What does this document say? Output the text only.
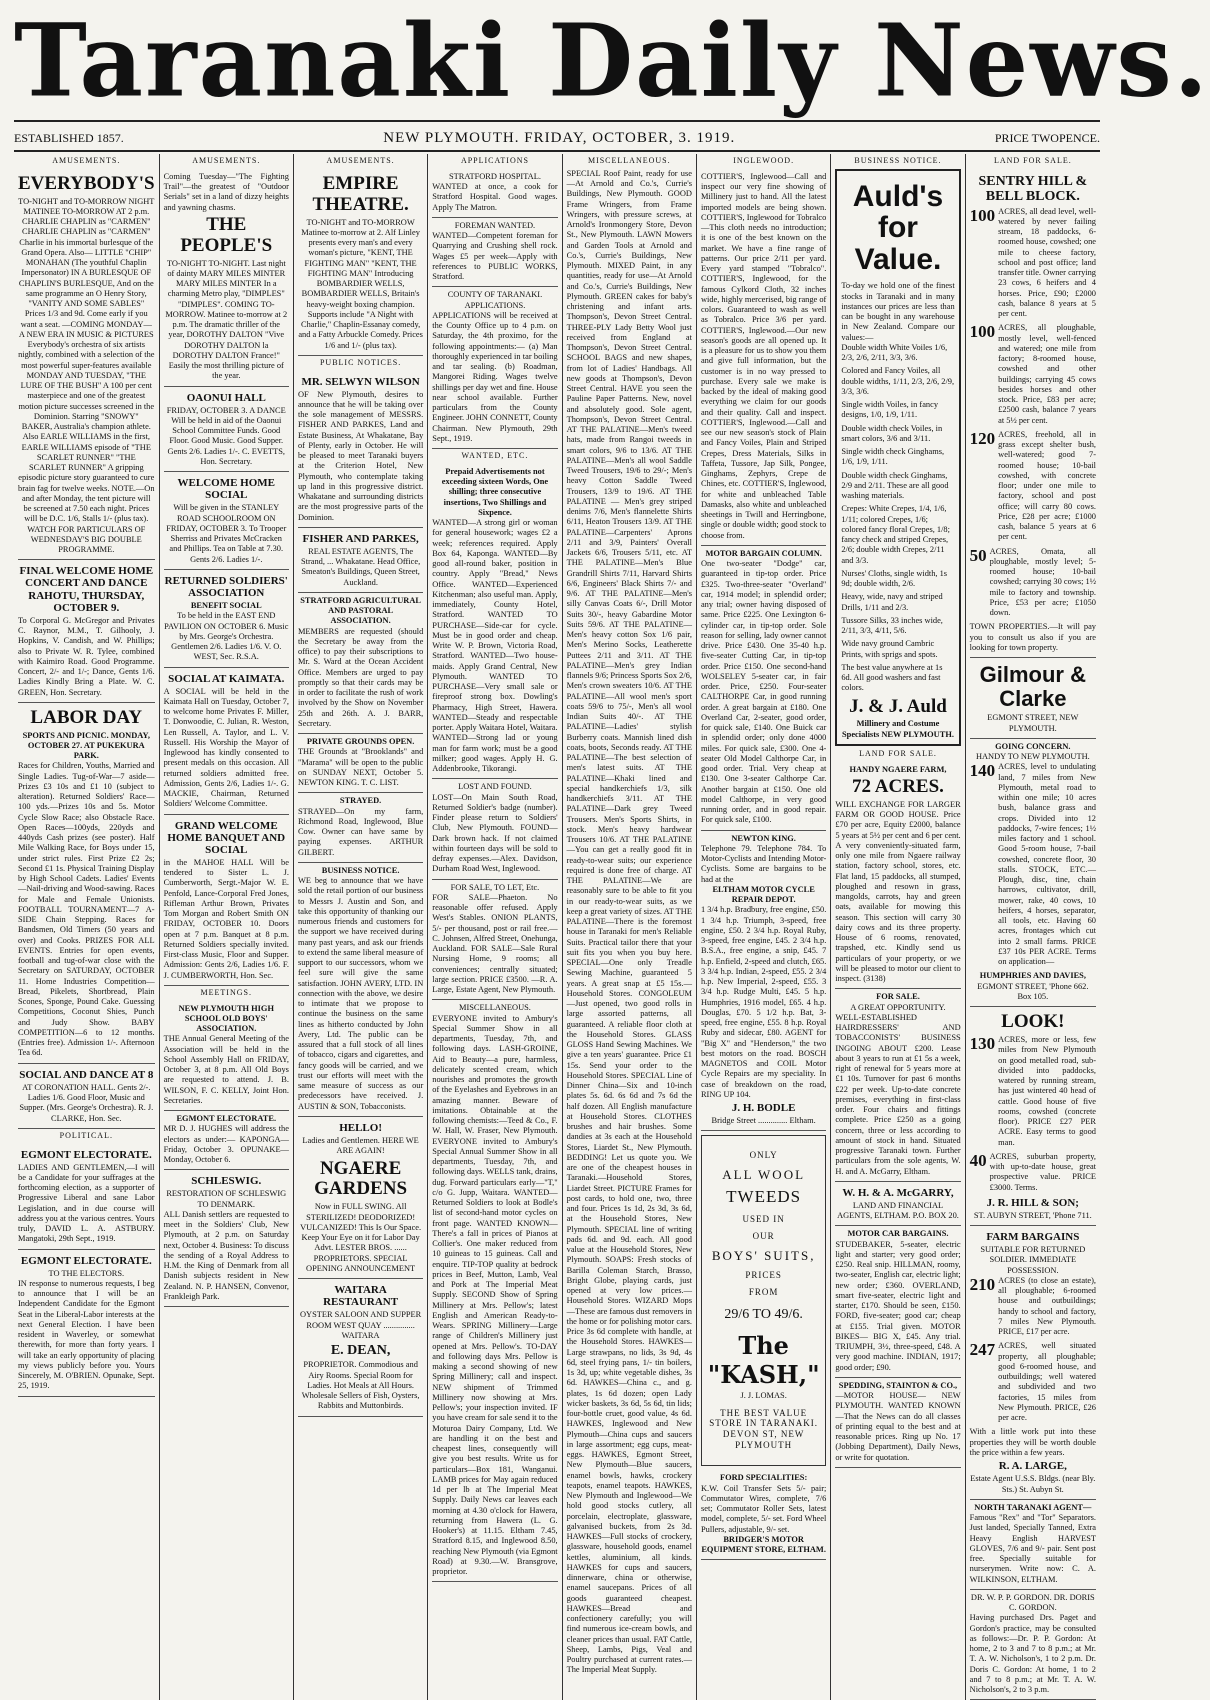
Taranaki Daily News.
ESTABLISHED 1857.	NEW PLYMOUTH. FRIDAY, OCTOBER, 3. 1919.	PRICE TWOPENCE.
AMUSEMENTS.
EVERYBODY'S
TO-NIGHT and TO-MORROW NIGHT MATINEE TO-MORROW AT 2 p.m. CHARLIE CHAPLIN as "CARMEN" CHARLIE CHAPLIN as "CARMEN" Charlie in his immortal burlesque of the Grand Opera. Also— LITTLE "CHIP" MONAHAN (The youthful Chaplin Impersonator) IN A BURLESQUE OF CHAPLIN'S BURLESQUE, And on the same programme an O Henry Story, "VANITY AND SOME SABLES" Prices 1/3 and 9d. Come early if you want a seat. —COMING MONDAY— A NEW ERA IN MUSIC & PICTURES Everybody's orchestra of six artists nightly, combined with a selection of the most powerful super-features available MONDAY AND TUESDAY, "THE LURE OF THE BUSH" A 100 per cent masterpiece and one of the greatest motion picture successes screened in the Dominion. Starring "SNOWY" BAKER, Australia's champion athlete. Also EARLE WILLIAMS in the first, EARLE WILLIAMS episode of "THE SCARLET RUNNER" "THE SCARLET RUNNER" A gripping episodic picture story guaranteed to cure brain fag for twelve weeks. NOTE.—On and after Monday, the tent picture will be screened at 7.50 each night. Prices will be D.C. 1/6, Stalls 1/- (plus tax). WATCH FOR PARTICULARS OF WEDNESDAY'S BIG DOUBLE PROGRAMME.
FINAL WELCOME HOME CONCERT AND DANCE RAHOTU, THURSDAY, OCTOBER 9.
To Corporal G. McGregor and Privates C. Raynor, M.M., T. Gilhooly, J. Hopkins, V. Candish, and W. Phillips; also to Private W. R. Tylee, combined with Kaimiro Road. Good Programme. Concert, 2/- and 1/-; Dance, Gents 1/6. Ladies Kindly Bring a Plate. W. C. GREEN, Hon. Secretary.
LABOR DAY
SPORTS AND PICNIC. MONDAY, OCTOBER 27. AT PUKEKURA PARK.
Races for Children, Youths, Married and Single Ladies. Tug-of-War—7 aside—Prizes £3 10s and £1 10 (subject to alteration). Returned Soldiers' Race—100 yds.—Prizes 10s and 5s. Motor Cycle Slow Race; also Obstacle Race. Open Races—100yds, 220yds and 440yds Cash prizes (see poster). Half Mile Walking Race, for Boys under 15, under strict rules. First Prize £2 2s; Second £1 1s. Physical Training Display by High School Cadets. Ladies' Events—Nail-driving and Wood-sawing. Races for Male and Female Unionists. FOOTBALL TOURNAMENT—7 A-SIDE Chain Stepping. Races for Bandsmen, Old Timers (50 years and over) and Cooks. PRIZES FOR ALL EVENTS. Entries for open events, football and tug-of-war close with the Secretary on SATURDAY, OCTOBER 11. Home Industries Competition—Bread, Pikelets, Shortbread, Plain Scones, Sponge, Pound Cake. Guessing Competitions, Coconut Shies, Punch and Judy Show. BABY COMPETITION—6 to 12 months. (Entries free). Admission 1/-. Afternoon Tea 6d.
SOCIAL AND DANCE AT 8
AT CORONATION HALL. Gents 2/-. Ladies 1/6. Good Floor, Music and Supper. (Mrs. George's Orchestra). R. J. CLARKE, Hon. Sec.
POLITICAL.
EGMONT ELECTORATE.
LADIES AND GENTLEMEN,—I will be a Candidate for your suffrages at the forthcoming election, as a supporter of Progressive Liberal and sane Labor Legislation, and in due course will address you at the various centres. Yours truly, DAVID L. A. ASTBURY. Mangatoki, 29th Sept., 1919.
EGMONT ELECTORATE.
TO THE ELECTORS.
IN response to numerous requests, I beg to announce that I will be an Independent Candidate for the Egmont Seat in the Liberal-Labor interests at the next General Election. I have been resident in Waverley, or somewhat therewith, for more than forty years. I will take an early opportunity of placing my views publicly before you. Yours Sincerely, M. O'BRIEN. Opunake, Sept. 25, 1919.
AMUSEMENTS.
Coming Tuesday—"The Fighting Trail"—the greatest of "Outdoor Serials" set in a land of dizzy heights and yawning chasms.
THE PEOPLE'S
TO-NIGHT TO-NIGHT. Last night of dainty MARY MILES MINTER MARY MILES MINTER In a charming Metro play, "DIMPLES" "DIMPLES". COMING TO-MORROW. Matinee to-morrow at 2 p.m. The dramatic thriller of the year, DOROTHY DALTON "Vive DOROTHY DALTON la DOROTHY DALTON France!" Easily the most thrilling picture of the year.
OAONUI HALL
FRIDAY, OCTOBER 3. A DANCE Will be held in aid of the Oaonui School Committee Funds. Good Floor. Good Music. Good Supper. Gents 2/6. Ladies 1/-. C. EVETTS, Hon. Secretary.
WELCOME HOME SOCIAL
Will be given in the STANLEY ROAD SCHOOLROOM ON FRIDAY, OCTOBER 3. To Trooper Sherriss and Privates McCracken and Phillips. Tea on Table at 7.30. Gents 2/6. Ladies 1/-.
RETURNED SOLDIERS' ASSOCIATION
BENEFIT SOCIAL
To be held in the EAST END PAVILION ON OCTOBER 6. Music by Mrs. George's Orchestra. Gentlemen 2/6. Ladies 1/6. V. O. WEST, Sec. R.S.A.
SOCIAL AT KAIMATA.
A SOCIAL will be held in the Kaimata Hall on Tuesday, October 7, to welcome home Privates F. Miller, T. Donwoodie, C. Julian, R. Weston, Len Russell, A. Taylor, and L. V. Russell. His Worship the Mayor of Inglewood has kindly consented to present medals on this occasion. All returned soldiers admitted free. Admission, Gents 2/6, Ladies 1/-. G. MACKIE, Chairman, Returned Soldiers' Welcome Committee.
GRAND WELCOME HOME BANQUET AND SOCIAL
in the MAHOE HALL Will be tendered to Sister L. J. Cumberworth, Sergt.-Major W. E. Penfold, Lance-Corporal Fred Jones, Rifleman Arthur Brown, Privates Tom Morgan and Robert Smith ON FRIDAY, OCTOBER 10. Doors open at 7 p.m. Banquet at 8 p.m. Returned Soldiers specially invited. First-class Music, Floor and Supper. Admission: Gents 2/6, Ladies 1/6. F. J. CUMBERWORTH, Hon. Sec.
MEETINGS.
NEW PLYMOUTH HIGH SCHOOL OLD BOYS' ASSOCIATION.
THE Annual General Meeting of the Association will be held in the School Assembly Hall on FRIDAY, October 3, at 8 p.m. All Old Boys are requested to attend. J. B. WILSON, F. C. KELLY, Joint Hon. Secretaries.
EGMONT ELECTORATE.
MR D. J. HUGHES will address the electors as under:— KAPONGA—Friday, October 3. OPUNAKE—Monday, October 6.
SCHLESWIG.
RESTORATION OF SCHLESWIG TO DENMARK.
ALL Danish settlers are requested to meet in the Soldiers' Club, New Plymouth, at 2 p.m. on Saturday next, October 4. Business: To discuss the sending of a Royal Address to H.M. the King of Denmark from all Danish subjects resident in New Zealand. N. P. HANSEN, Convenor, Frankleigh Park.
AMUSEMENTS.
EMPIRE THEATRE.
TO-NIGHT and TO-MORROW Matinee to-morrow at 2. Alf Linley presents every man's and every woman's picture, "KENT, THE FIGHTING MAN" "KENT, THE FIGHTING MAN" Introducing BOMBARDIER WELLS, BOMBARDIER WELLS, Britain's heavy-weight boxing champion. Supports include "A Night with Charlie," Chaplin-Essanay comedy, and a Fatty Arbuckle Comedy. Prices 1/6 and 1/- (plus tax).
PUBLIC NOTICES.
MR. SELWYN WILSON
OF New Plymouth, desires to announce that he will be taking over the sole management of MESSRS. FISHER AND PARKES, Land and Estate Business, At Whakatane, Bay of Plenty, early in October. He will be pleased to meet Taranaki buyers at the Criterion Hotel, New Plymouth, who contemplate taking up land in this progressive district. Whakatane and surrounding districts are the most progressive parts of the Dominion.
FISHER AND PARKES,
REAL ESTATE AGENTS, The Strand, ... Whakatane. Head Office, Smeaton's Buildings, Queen Street, Auckland.
STRATFORD AGRICULTURAL AND PASTORAL ASSOCIATION.
MEMBERS are requested (should the Secretary be away from the office) to pay their subscriptions to Mr. S. Ward at the Ocean Accident Office. Members are urged to pay promptly so that their cards may be in order to facilitate the rush of work involved by the Show on November 25th and 26th. A. J. BARR, Secretary.
PRIVATE GROUNDS OPEN.
THE Grounds at "Brooklands" and "Marama" will be open to the public on SUNDAY NEXT, October 5. NEWTON KING. T. C. LIST.
STRAYED.
STRAYED—On my farm, Richmond Road, Inglewood, Blue Cow. Owner can have same by paying expenses. ARTHUR GILBERT.
BUSINESS NOTICE.
WE beg to announce that we have sold the retail portion of our business to Messrs J. Austin and Son, and take this opportunity of thanking our numerous friends and customers for the support we have received during many past years, and ask our friends to extend the same liberal measure of support to our successors, whom we feel sure will give the same satisfaction. JOHN AVERY, LTD. IN connection with the above, we desire to intimate that we propose to continue the business on the same lines as hitherto conducted by John Avery, Ltd. The public can be assured that a full stock of all lines of tobacco, cigars and cigarettes, and fancy goods will be carried, and we trust our efforts will meet with the same measure of success as our predecessors have received. J. AUSTIN & SON, Tobacconists.
HELLO!
Ladies and Gentlemen. HERE WE ARE AGAIN!
NGAERE GARDENS
Now in FULL SWING. All STERILIZED! DEODORIZED! VULCANIZED! This Is Our Space. Keep Your Eye on it for Labor Day Advt. LESTER BROS. ...... PROPRIETORS. SPECIAL OPENING ANNOUNCEMENT
WAITARA RESTAURANT
OYSTER SALOON AND SUPPER ROOM WEST QUAY ............... WAITARA
E. DEAN,
PROPRIETOR. Commodious and Airy Rooms. Special Room for Ladies. Hot Meals at All Hours. Wholesale Sellers of Fish, Oysters, Rabbits and Muttonbirds.
APPLICATIONS
STRATFORD HOSPITAL.
WANTED at once, a cook for Stratford Hospital. Good wages. Apply The Matron.
FOREMAN WANTED.
WANTED—Competent foreman for Quarrying and Crushing shell rock. Wages £5 per week—Apply with references to PUBLIC WORKS, Stratford.
COUNTY OF TARANAKI.
APPLICATIONS.
APPLICATIONS will be received at the County Office up to 4 p.m. on Saturday, the 4th proximo, for the following appointments:— (a) Man thoroughly experienced in tar boiling and tar sealing. (b) Roadman, Mangorei Riding. Wages twelve shillings per day wet and fine. House near school available. Further particulars from the County Engineer. JOHN CONNETT, County Chairman. New Plymouth, 29th Sept., 1919.
WANTED, ETC.
Prepaid Advertisements not exceeding sixteen Words, One shilling; three consecutive insertions, Two Shillings and Sixpence.
WANTED—A strong girl or woman for general housework; wages £2 a week; references required. Apply Box 64, Kaponga. WANTED—By good all-round baker, position in country. Apply "Bread," News Office. WANTED—Experienced Kitchenman; also useful man. Apply, immediately, County Hotel, Stratford. WANTED TO PURCHASE—Side-car for cycle. Must be in good order and cheap. Write W. P. Brown, Victoria Road, Stratford. WANTED—Two house-maids. Apply Grand Central, New Plymouth. WANTED TO PURCHASE—Very small sale or fireproof strong box. Dowling's Pharmacy, High Street, Hawera. WANTED—Steady and respectable porter. Apply Waitara Hotel, Waitara. WANTED—Strong lad or young man for farm work; must be a good milker; good wages. Apply H. G. Addenbrooke, Tikorangi.
LOST AND FOUND.
LOST—On Main South Road, Returned Soldier's badge (number). Finder please return to Soldiers' Club, New Plymouth. FOUND—Dark brown hack. If not claimed within fourteen days will be sold to defray expenses.—Alex. Davidson, Durham Road West, Inglewood.
FOR SALE, TO LET, Etc.
FOR SALE—Phaeton. No reasonable offer refused. Apply West's Stables. ONION PLANTS, 5/- per thousand, post or rail free.—C. Johnsen, Alfred Street, Onehunga, Auckland. FOR SALE—Sale Rural Nursing Home, 9 rooms; all conveniences; centrally situated; large section. PRICE £3500. —R. A. Large, Estate Agent, New Plymouth.
MISCELLANEOUS.
EVERYONE invited to Ambury's Special Summer Show in all departments, Tuesday, 7th, and following days. LASH-GROINE, Aid to Beauty—a pure, harmless, delicately scented cream, which nourishes and promotes the growth of the Eyelashes and Eyebrows in an amazing manner. Beware of imitations. Obtainable at the following chemists:—Teed & Co., F. W. Hall, W. Fraser, New Plymouth. EVERYONE invited to Ambury's Special Annual Summer Show in all departments, Tuesday, 7th, and following days. WELLS tank, drains, dug. Forward particulars early—"T," c/o G. Jupp, Waitara. WANTED—Returned Soldiers to look at Bodle's list of second-hand motor cycles on front page. WANTED KNOWN—There's a fall in prices of Pianos at Collier's. One maker reduced from 10 guineas to 15 guineas. Call and enquire. TIP-TOP quality at bedrock prices in Beef, Mutton, Lamb, Veal and Pork at The Imperial Meat Supply. SECOND Show of Spring Millinery at Mrs. Pellow's; latest English and American Ready-to-Wears. SPRING Millinery—Large range of Children's Millinery just opened at Mrs. Pellow's. TO-DAY and following days Mrs. Pellow is making a second showing of new Spring Millinery; call and inspect. NEW shipment of Trimmed Millinery now showing at Mrs. Pellow's; your inspection invited. IF you have cream for sale send it to the Moturoa Dairy Company, Ltd. We are handling it on the best and cheapest lines, consequently will give you best results. Write us for particulars—Box 181, Wanganui. LAMB prices for May again reduced 1d per lb at The Imperial Meat Supply. Daily News car leaves each morning at 4.30 o'clock for Hawera, returning from Hawera (L. G. Hooker's) at 11.15. Eltham 7.45, Stratford 8.15, and Inglewood 8.50, reaching New Plymouth (via Egmont Road) at 9.30.—W. Bransgrove, proprietor.
MISCELLANEOUS.
SPECIAL Roof Paint, ready for use—At Arnold and Co.'s, Currie's Buildings, New Plymouth. GOOD Frame Wringers, from Frame Wringers, with pressure screws, at Arnold's Ironmongery Store, Devon St., New Plymouth. LAWN Mowers and Garden Tools at Arnold and Co.'s, Currie's Buildings, New Plymouth. MIXED Paint, in any quantities, ready for use—At Arnold and Co.'s, Currie's Buildings, New Plymouth. GREEN cakes for baby's christening and infant arts. Thompson's, Devon Street Central. THREE-PLY Lady Betty Wool just received from England at Thompson's, Devon Street Central. SCHOOL BAGS and new shapes, from lot of Ladies' Handbags. All new goods at Thompson's, Devon Street Central. HAVE you seen the Pauline Paper Patterns. New, novel and absolutely good. Sole agent, Thompson's, Devon Street Central. AT THE PALATINE—Men's tweed hats, made from Rangoi tweeds in smart colors, 9/6 to 13/6. AT THE PALATINE—Men's all wool Saddle Tweed Trousers, 19/6 to 29/-; Men's heavy Cotton Saddle Tweed Trousers, 13/9 to 19/6. AT THE PALATINE — Men's grey striped denims 7/6, Men's flannelette Shirts 6/11, Heaton Trousers 13/9. AT THE PALATINE—Carpenters' Aprons 2/11 and 3/9, Painters' Overall Jackets 6/6, Trousers 5/11, etc. AT THE PALATINE—Men's Blue Grandrill Shirts 7/11, Harvard Shirts 6/6, Engineers' Black Shirts 7/- and 9/6. AT THE PALATINE—Men's silly Canvas Coats 6/-, Drill Motor Suits 30/-, heavy Gabardine Motor Suits 59/6. AT THE PALATINE—Men's heavy cotton Sox 1/6 pair, Men's Merino Socks, Leatherette Puttees 2/11 and 3/11. AT THE PALATINE—Men's grey Indian flannels 9/6; Princess Sports Sox 2/6, Men's crown sweaters 10/6. AT THE PALATINE—All wool men's sport coats 59/6 to 75/-, Men's all wool Indian Suits 40/-. AT THE PALATINE—Ladies' stylish Burberry coats. Mannish lined dish coats, boots, Seconds ready. AT THE PALATINE—The best selection of men's latest suits. AT THE PALATINE—Khaki lined and special handkerchiefs 1/3, silk handkerchiefs 3/11. AT THE PALATINE—Dark grey Tweed Trousers. Men's Sports Shirts, in stock. Men's heavy hardwear Trousers 10/6. AT THE PALATINE—You can get a really good fit in ready-to-wear suits; our experience required is done free of charge. AT THE PALATINE—We are reasonably sure to be able to fit you in our ready-to-wear suits, as we keep a great variety of sizes. AT THE PALATINE—There is the foremost house in Taranaki for men's Reliable Suits. Practical tailor there that your suit fits you when you buy here. SPECIAL—One only Treadle Sewing Machine, guaranteed 5 years. A great snap at £5 15s.—Household Stores. CONGOLEUM—Just opened, two good rolls in large assorted patterns, all guaranteed. A reliable floor cloth at the Household Stores. GLASS GLOSS Hand Sewing Machines. We give a ten years' guarantee. Price £1 15s. Send your order to the Household Stores. SPECIAL Line of Dinner China—Six and 10-inch plates 5s. 6d. 6s 6d and 7s 6d the half dozen. All English manufacture at Household Stores. CLOTHES brushes and hair brushes. Some dandies at 3s each at the Household Stores, Liardet St., New Plymouth. BEDDING! Let us quote you. We are one of the cheapest houses in Taranaki.—Household Stores, Liardet Street. PICTURE Frames for post cards, to hold one, two, three and four. Prices 1s 1d, 2s 3d, 3s 6d, at the Household Stores, New Plymouth. SPECIAL line of writing pads 6d. and 9d. each. All good value at the Household Stores, New Plymouth. SOAPS: Fresh stocks of Barilla Coleman Starch, Brasso, Bright Globe, playing cards, just opened at very low prices.—Household Stores. WIZARD Mops—These are famous dust removers in the home or for polishing motor cars. Price 3s 6d complete with handle, at the Household Stores. HAWKES—Large strawpans, no lids, 3s 9d, 4s 6d, steel frying pans, 1/- tin boilers, 1s 3d, up; white vegetable dishes, 3s 6d. HAWKES—China c., and g. plates, 1s 6d dozen; open Lady wicker baskets, 3s 6d, 5s 6d, tin lids; four-bottle cruet, good value, 4s 6d. HAWKES, Inglewood and New Plymouth—China cups and saucers in large assortment; egg cups, meat-eggs. HAWKES, Egmont Street, New Plymouth—Blue saucers, enamel bowls, hawks, crockery teapots, enamel teapots. HAWKES, New Plymouth and Inglewood—We hold good stocks cutlery, all porcelain, electroplate, glassware, galvanised buckets, from 2s 3d. HAWKES—Full stocks of crockery, glassware, household goods, enamel kettles, aluminium, all kinds. HAWKES for cups and saucers, dinnerware, china or otherwise, enamel saucepans. Prices of all goods guaranteed cheapest. HAWKES—Bread and confectionery carefully; you will find numerous ice-cream bowls, and cleaner prices than usual. FAT Cattle, Sheep, Lambs, Pigs, Veal and Poultry purchased at current rates.—The Imperial Meat Supply.
INGLEWOOD.
COTTIER'S, Inglewood—Call and inspect our very fine showing of Millinery just to hand. All the latest imported models are being shown. COTTIER'S, Inglewood for Tobralco—This cloth needs no introduction; it is one of the best known on the market. We have a fine range of patterns. Our price 2/11 per yard. Every yard stamped "Tobralco". COTTIER'S, Inglewood, for the famous Cylkord Cloth, 32 inches wide, highly mercerised, big range of colors. Guaranteed to wash as well as Tobralco. Price 3/6 per yard. COTTIER'S, Inglewood.—Our new season's goods are all opened up. It is a pleasure for us to show you them and give full information, but the customer is in no way pressed to purchase. Every sale we make is backed by the ideal of making good everything we claim for our goods and their quality. Call and inspect. COTTIER'S, Inglewood.—Call and see our new season's stock of Plain and Fancy Voiles, Plain and Striped Crepes, Dress Materials, Silks in Taffeta, Tussore, Jap Silk, Pongee, Ginghams, Zephyrs, Crepe de Chines, etc. COTTIER'S, Inglewood, for white and unbleached Table Damasks, also white and unbleached sheetings in Twill and Herringbone, single or double width; good stock to choose from.
MOTOR BARGAIN COLUMN.
One two-seater "Dodge" car, guaranteed in tip-top order. Price £325. Two-three-seater "Overland" car, 1914 model; in splendid order; any trial; owner having disposed of same. Price £225. One Lexington 6-cylinder car, in tip-top order. Sole reason for selling, lady owner cannot drive. Price £430. One 35-40 h.p. five-seater Cutting Car, in tip-top order. Price £150. One second-hand WOLSELEY 5-seater car, in fair order. Price, £250. Four-seater CALTHORPE Car, in good running order. A great bargain at £180. One Overland Car, 2-seater, good order, for quick sale, £140. One Buick car in splendid order; only done 4000 miles. For quick sale, £300. One 4-seater Old Model Calthorpe Car, in good order. Trial. Very cheap at £130. One 3-seater Calthorpe Car. Another bargain at £150. One old model Calthorpe, in very good running order, and in good repair. For quick sale, £100.
NEWTON KING.
Telephone 79. Telephone 784. To Motor-Cyclists and Intending Motor-Cyclists. Some are bargains to be had at the
ELTHAM MOTOR CYCLE REPAIR DEPOT.
1 3/4 h.p. Bradbury, free engine, £50. 1 3/4 h.p. Triumph, 3-speed, free engine, £50. 2 3/4 h.p. Royal Ruby, 3-speed, free engine, £45. 2 3/4 h.p. B.S.A., free engine, a snip, £45. 7 h.p. Enfield, 2-speed and clutch, £65. 3 3/4 h.p. Indian, 2-speed, £55. 2 3/4 h.p. New Imperial, 2-speed, £55. 3 3/4 h.p. Rudge Multi, £45. 5 h.p. Humphries, 1916 model, £65. 4 h.p. Douglas, £70. 5 1/2 h.p. Bat, 3-speed, free engine, £55. 8 h.p. Royal Ruby and sidecar, £80. AGENT for "Big X" and "Henderson," the two best motors on the road. BOSCH MAGNETOS and COIL Motor Cycle Repairs are my speciality. In case of breakdown on the road, RING UP 104.
J. H. BODLE
Bridge Street .............. Eltham.
ONLY
ALL WOOL
TWEEDS
USED IN
OUR
BOYS' SUITS,
PRICES
FROM
29/6 TO 49/6.
The "KASH,"
J. J. LOMAS.
THE BEST VALUE STORE IN TARANAKI. DEVON ST, NEW PLYMOUTH
FORD SPECIALITIES:
K.W. Coil Transfer Sets 5/- pair; Commutator Wires, complete, 7/6 set; Commutator Roller Sets, latest model, complete, 5/- set. Ford Wheel Pullers, adjustable, 9/- set.
BRIDGER'S MOTOR EQUIPMENT STORE, ELTHAM.
BUSINESS NOTICE.
Auld's for Value.
To-day we hold one of the finest stocks in Taranaki and in many instances our prices are less than can be bought in any warehouse in New Zealand. Compare our values:—
Double width White Voiles 1/6, 2/3, 2/6, 2/11, 3/3, 3/6.
Colored and Fancy Voiles, all double widths, 1/11, 2/3, 2/6, 2/9, 3/3, 3/6.
Single width Voiles, in fancy designs, 1/0, 1/9, 1/11.
Double width check Voiles, in smart colors, 3/6 and 3/11.
Single width check Ginghams, 1/6, 1/9, 1/11.
Double width check Ginghams, 2/9 and 2/11. These are all good washing materials.
Crepes: White Crepes, 1/4, 1/6, 1/11; colored Crepes, 1/6; colored fancy floral Crepes, 1/8; fancy check and striped Crepes, 2/6; double width Crepes, 2/11 and 3/3.
Nurses' Cloths, single width, 1s 9d; double width, 2/6.
Heavy, wide, navy and striped Drills, 1/11 and 2/3.
Tussore Silks, 33 inches wide, 2/11, 3/3, 4/11, 5/6.
Wide navy ground Cambric Prints, with sprigs and spots.
The best value anywhere at 1s 6d. All good washers and fast colors.
J. & J. Auld
Millinery and Costume Specialists NEW PLYMOUTH.
LAND FOR SALE.
HANDY NGAERE FARM,
72 ACRES.
WILL EXCHANGE FOR LARGER FARM OR GOOD HOUSE. Price £70 per acre, Equity £2000, balance 5 years at 5½ per cent and 6 per cent. A very conveniently-situated farm, only one mile from Ngaere railway station, factory school, stores, etc. Flat land, 15 paddocks, all stumped, ploughed and resown in grass, mangolds, carrots, hay and green oats, available for mowing this season. This section will carry 30 dairy cows and its three property. House of 6 rooms, renovated, trapshed, etc. Kindly send us particulars of your property, or we will be pleased to motor our client to inspect. (3138)
FOR SALE.
A GREAT OPPORTUNITY.
WELL-ESTABLISHED HAIRDRESSERS' AND TOBACCONISTS' BUSINESS INGOING ABOUT £200. Lease about 3 years to run at £1 5s a week, right of renewal for 5 years more at £1 10s. Turnover for past 6 months £22 per week. Up-to-date concrete premises, everything in first-class order. Four chairs and fittings complete. Price £250 as a going concern, three or less according to amount of stock in hand. Situated progressive Taranaki town. Further particulars from the sole agents, W. H. and A. McGarry, Eltham.
W. H. & A. McGARRY,
LAND AND FINANCIAL AGENTS, ELTHAM. P.O. BOX 20.
MOTOR CAR BARGAINS.
STUDEBAKER, 5-seater, electric light and starter; very good order; £250. Real snip. HILLMAN, roomy, two-seater, English car, electric light; new order; £360. OVERLAND, smart five-seater, electric light and starter, £170. Should be seen, £150. FORD, five-seater; good car; cheap at £155. Trial given. MOTOR BIKES— BIG X, £45. Any trial. TRIUMPH, 3½, three-speed, £48. A very good machine. INDIAN, 1917; good order; £90.
SPEDDING, STAINTON & CO.,
—MOTOR HOUSE— NEW PLYMOUTH. WANTED KNOWN—That the News can do all classes of printing equal to the best and at reasonable prices. Ring up No. 17 (Jobbing Department), Daily News, or write for quotation.
LAND FOR SALE.
SENTRY HILL & BELL BLOCK.
100 ACRES, all dead level, well-watered by never failing stream, 18 paddocks, 6-roomed house, cowshed; one mile to cheese factory, school and post office; land transfer title. Owner carrying 23 cows, 6 heifers and 4 horses. Price, £90; £2000 cash, balance 8 years at 5 per cent.
100 ACRES, all ploughable, mostly level, well-fenced and watered; one mile from factory; 8-roomed house, cowshed and other buildings; carrying 45 cows besides horses and other stock. Price, £83 per acre; £2500 cash, balance 7 years at 5½ per cent.
120 ACRES, freehold, all in grass except shelter bush, well-watered; good 7-roomed house; 10-bail cowshed, with concrete floor; under one mile to factory, school and post office; will carry 80 cows. Price, £28 per acre; £1000 cash, balance 5 years at 6 per cent.
50 ACRES, Omata, all ploughable, mostly level; 5-roomed house; 10-bail cowshed; carrying 30 cows; 1½ mile to factory and township. Price, £53 per acre; £1050 down.
TOWN PROPERTIES.—It will pay you to consult us also if you are looking for town property.
Gilmour & Clarke
EGMONT STREET, NEW PLYMOUTH.
GOING CONCERN.
HANDY TO NEW PLYMOUTH.
140 ACRES, level to undulating land, 7 miles from New Plymouth, metal road to within one mile; 10 acres bush, balance grass and crops. Divided into 12 paddocks, 7-wire fences; 1½ miles factory and 1 school. Good 5-room house, 7-bail cowshed, concrete floor, 30 stalls. STOCK, ETC.—Plough, disc, tine, chain harrows, cultivator, drill, mower, rake, 40 cows, 10 heifers, 4 horses, separator, all tools, etc. Having 60 acres, frontages which cut into 2 small farms. PRICE £37 10s PER ACRE. Terms on application—
HUMPHRIES AND DAVIES,
EGMONT STREET, 'Phone 662. Box 105.
LOOK!
130 ACRES, more or less, few miles from New Plymouth on good metalled road, sub-divided into paddocks, watered by running stream, has just wintered 40 head of cattle. Good house of five rooms, cowshed (concrete floor). PRICE £27 PER ACRE. Easy terms to good man.
40 ACRES, suburban property, with up-to-date house, great prospective value. PRICE £3000. Terms.
J. R. HILL & SON;
ST. AUBYN STREET, 'Phone 711.
FARM BARGAINS
SUITABLE FOR RETURNED SOLDIER. IMMEDIATE POSSESSION.
210 ACRES (to close an estate), all ploughable; 6-roomed house and outbuildings; handy to school and factory, 7 miles New Plymouth. PRICE, £17 per acre.
247 ACRES, well situated property, all ploughable; good 6-roomed house, and outbuildings; well watered and subdivided and two factories, 15 miles from New Plymouth. PRICE, £26 per acre.
With a little work put into these properties they will be worth double the price within a few years.
R. A. LARGE,
Estate Agent U.S.S. Bldgs. (near Bly. Sts.) St. Aubyn St.
NORTH TARANAKI AGENT—
Famous "Rex" and "Tor" Separators. Just landed, Specially Tanned, Extra Heavy English HARVEST GLOVES, 7/6 and 9/- pair. Sent post free. Specially suitable for nurserymen. Write now: C. A. WILKINSON, ELTHAM.
DR. W. P. P. GORDON. DR. DORIS C. GORDON.
Having purchased Drs. Paget and Gordon's practice, may be consulted as follows:—Dr. P. P. Gordon: At home, 2 to 3 and 7 to 8 p.m.; at Mr. T. A. W. Nicholson's, 1 to 2 p.m. Dr. Doris C. Gordon: At home, 1 to 2 and 7 to 8 p.m.; at Mr. T. A. W. Nicholson's, 2 to 3 p.m.
